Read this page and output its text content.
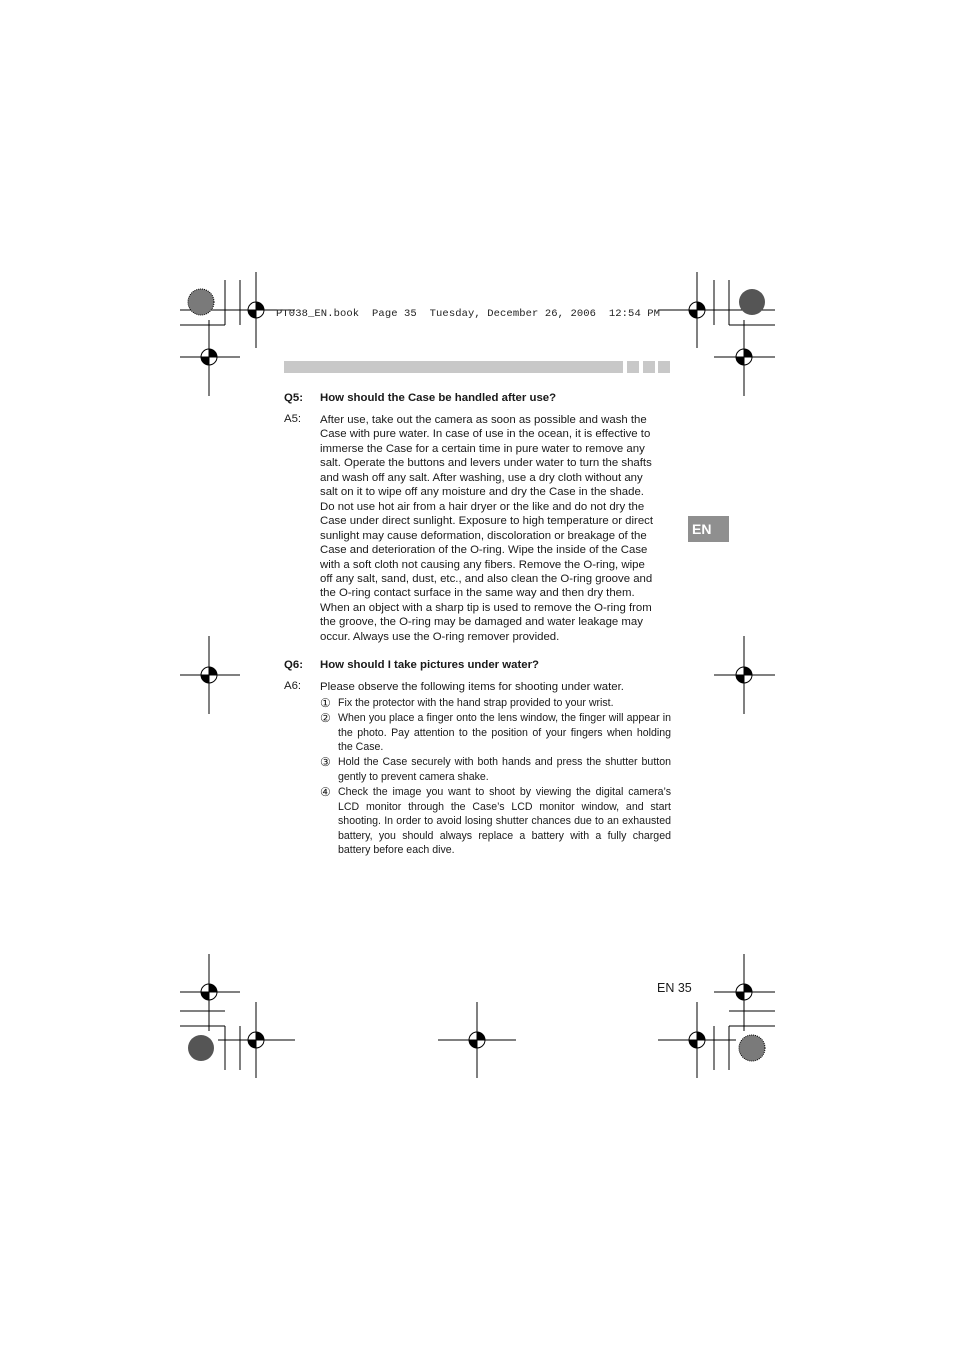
PT038_EN.book  Page 35  Tuesday, December 26, 2006  12:54 PM
Q5: How should the Case be handled after use?
A5: After use, take out the camera as soon as possible and wash the

Case with pure water. In case of use in the ocean, it is effective to

immerse the Case for a certain time in pure water to remove any

salt. Operate the buttons and levers under water to turn the shafts

and wash off any salt. After washing, use a dry cloth without any

salt on it to wipe off any moisture and dry the Case in the shade.

Do not use hot air from a hair dryer or the like and do not dry the

Case under direct sunlight. Exposure to high temperature or direct

sunlight may cause deformation, discoloration or breakage of the

Case and deterioration of the O-ring. Wipe the inside of the Case

with a soft cloth not causing any fibers. Remove the O-ring, wipe

off any salt, sand, dust, etc., and also clean the O-ring groove and

the O-ring contact surface in the same way and then dry them.

When an object with a sharp tip is used to remove the O-ring from

the groove, the O-ring may be damaged and water leakage may

occur. Always use the O-ring remover provided.

Q6: How should I take pictures under water?
A6: Please observe the following items for shooting under water.
① Fix the protector with the hand strap provided to your wrist.
② When you place a finger onto the lens window, the finger will appear in the photo. Pay attention to the position of your fingers when holding the Case.
③ Hold the Case securely with both hands and press the shutter button gently to prevent camera shake.
④ Check the image you want to shoot by viewing the digital camera’s LCD monitor through the Case’s LCD monitor window, and start shooting. In order to avoid losing shutter chances due to an exhausted battery, you should always replace a battery with a fully charged battery before each dive.
EN
EN 35
